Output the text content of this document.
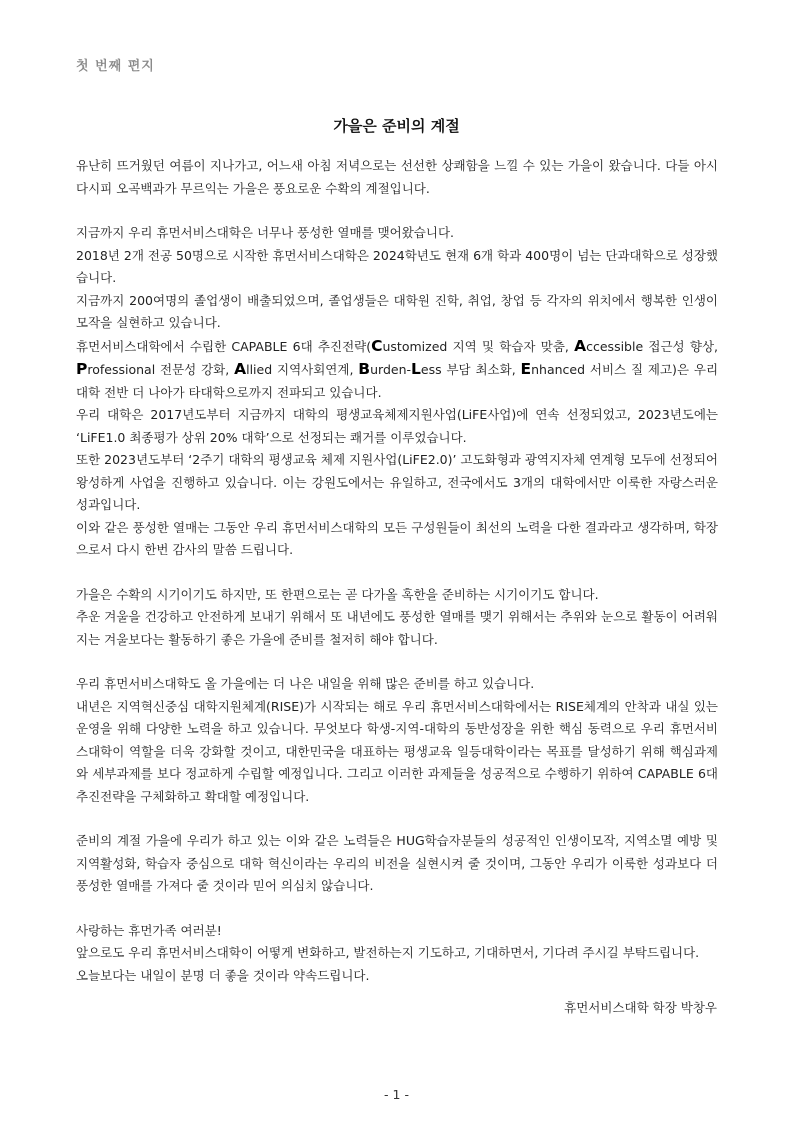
첫 번째 편지
가을은 준비의 계절

유난히 뜨거웠던 여름이 지나가고, 어느새 아침 저녁으로는 선선한 상쾌함을 느낄 수 있는 가을이 왔습니다. 다들 아시다시피 오곡백과가 무르익는 가을은 풍요로운 수확의 계절입니다.

지금까지 우리 휴먼서비스대학은 너무나 풍성한 열매를 맺어왔습니다.

2018년 2개 전공 50명으로 시작한 휴먼서비스대학은 2024학년도 현재 6개 학과 400명이 넘는 단과대학으로 성장했습니다.

지금까지 200여명의 졸업생이 배출되었으며, 졸업생들은 대학원 진학, 취업, 창업 등 각자의 위치에서 행복한 인생이모작을 실현하고 있습니다.

휴먼서비스대학에서 수립한 CAPABLE 6대 추진전략(Customized 지역 및 학습자 맞춤, Accessible 접근성 향상, Professional 전문성 강화, Allied 지역사회연계, Burden-Less 부담 최소화, Enhanced 서비스 질 제고)은 우리 대학 전반 더 나아가 타대학으로까지 전파되고 있습니다.

우리 대학은 2017년도부터 지금까지 대학의 평생교육체제지원사업(LiFE사업)에 연속 선정되었고, 2023년도에는 ‘LiFE1.0 최종평가 상위 20% 대학’으로 선정되는 쾌거를 이루었습니다.

또한 2023년도부터 ‘2주기 대학의 평생교육 체제 지원사업(LiFE2.0)’ 고도화형과 광역지자체 연계형 모두에 선정되어 왕성하게 사업을 진행하고 있습니다. 이는 강원도에서는 유일하고, 전국에서도 3개의 대학에서만 이룩한 자랑스러운 성과입니다.

이와 같은 풍성한 열매는 그동안 우리 휴먼서비스대학의 모든 구성원들이 최선의 노력을 다한 결과라고 생각하며, 학장으로서 다시 한번 감사의 말씀 드립니다.

가을은 수확의 시기이기도 하지만, 또 한편으로는 곧 다가올 혹한을 준비하는 시기이기도 합니다.

추운 겨울을 건강하고 안전하게 보내기 위해서 또 내년에도 풍성한 열매를 맺기 위해서는 추위와 눈으로 활동이 어려워지는 겨울보다는 활동하기 좋은 가을에 준비를 철저히 해야 합니다.

우리 휴먼서비스대학도 올 가을에는 더 나은 내일을 위해 많은 준비를 하고 있습니다.

내년은 지역혁신중심 대학지원체계(RISE)가 시작되는 해로 우리 휴먼서비스대학에서는 RISE체계의 안착과 내실 있는 운영을 위해 다양한 노력을 하고 있습니다. 무엇보다 학생-지역-대학의 동반성장을 위한 핵심 동력으로 우리 휴먼서비스대학이 역할을 더욱 강화할 것이고, 대한민국을 대표하는 평생교육 일등대학이라는 목표를 달성하기 위해 핵심과제와 세부과제를 보다 정교하게 수립할 예정입니다. 그리고 이러한 과제들을 성공적으로 수행하기 위하여 CAPABLE 6대 추진전략을 구체화하고 확대할 예정입니다.

준비의 계절 가을에 우리가 하고 있는 이와 같은 노력들은 HUG학습자분들의 성공적인 인생이모작, 지역소멸 예방 및 지역활성화, 학습자 중심으로 대학 혁신이라는 우리의 비전을 실현시켜 줄 것이며, 그동안 우리가 이룩한 성과보다 더 풍성한 열매를 가져다 줄 것이라 믿어 의심치 않습니다.

사랑하는 휴먼가족 여러분!

앞으로도 우리 휴먼서비스대학이 어떻게 변화하고, 발전하는지 기도하고, 기대하면서, 기다려 주시길 부탁드립니다.

오늘보다는 내일이 분명 더 좋을 것이라 약속드립니다.

휴먼서비스대학 학장 박창우
- 1 -
